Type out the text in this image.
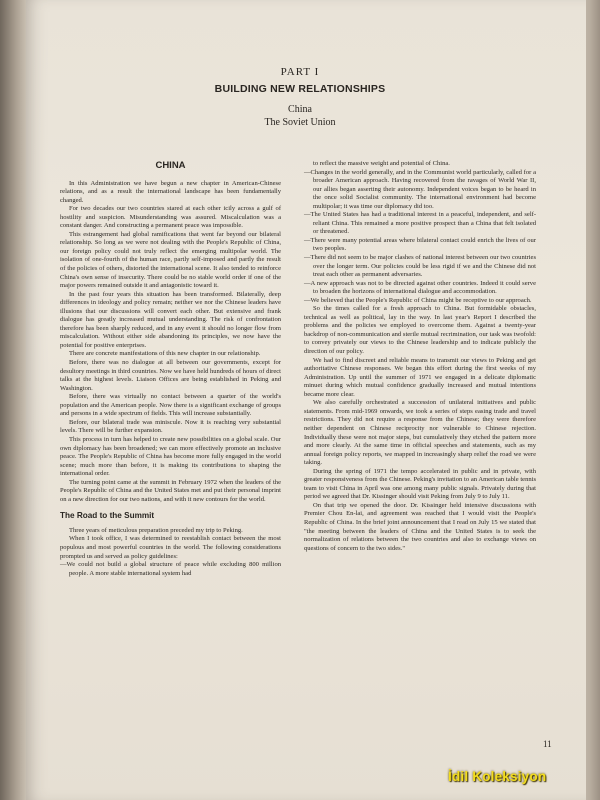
PART I
BUILDING NEW RELATIONSHIPS
China
The Soviet Union
CHINA

In this Administration we have begun a new chapter in American-Chinese relations, and as a result the international landscape has been fundamentally changed.

For two decades our two countries stared at each other icily across a gulf of hostility and suspicion. Misunderstanding was assured. Miscalculation was a constant danger. And constructing a permanent peace was impossible.

This estrangement had global ramifications that went far beyond our bilateral relationship. So long as we were not dealing with the People's Republic of China, our foreign policy could not truly reflect the emerging multipolar world. The isolation of one-fourth of the human race, partly self-imposed and partly the result of the policies of others, distorted the international scene. It also tended to reinforce China's own sense of insecurity. There could be no stable world order if one of the major powers remained outside it and antagonistic toward it.

In the past four years this situation has been transformed. Bilaterally, deep differences in ideology and policy remain; neither we nor the Chinese leaders have illusions that our discussions will convert each other. But extensive and frank dialogue has greatly increased mutual understanding. The risk of confrontation therefore has been sharply reduced, and in any event it should no longer flow from miscalculation. Without either side abandoning its principles, we now have the potential for positive enterprises.

There are concrete manifestations of this new chapter in our relationship.

Before, there was no dialogue at all between our governments, except for desultory meetings in third countries. Now we have held hundreds of hours of direct talks at the highest levels. Liaison Offices are being established in Peking and Washington.

Before, there was virtually no contact between a quarter of the world's population and the American people. Now there is a significant exchange of groups and persons in a wide spectrum of fields. This will increase substantially.

Before, our bilateral trade was miniscule. Now it is reaching very substantial levels. There will be further expansion.

This process in turn has helped to create new possibilities on a global scale. Our own diplomacy has been broadened; we can more effectively promote an inclusive peace. The People's Republic of China has become more fully engaged in the world scene; much more than before, it is making its contributions to shaping the international order.

The turning point came at the summit in February 1972 when the leaders of the People's Republic of China and the United States met and put their personal imprint on a new direction for our two nations, and with it new contours for the world.

The Road to the Summit

Three years of meticulous preparation preceded my trip to Peking.

When I took office, I was determined to reestablish contact between the most populous and most powerful countries in the world. The following considerations prompted us and served as policy guidelines:

—We could not build a global structure of peace while excluding 800 million people. A more stable international system had

to reflect the massive weight and potential of China.

—Changes in the world generally, and in the Communist world particularly, called for a broader American approach. Having recovered from the ravages of World War II, our allies began asserting their autonomy. Independent voices began to be heard in the once solid Socialist community. The international environment had become multipolar; it was time our diplomacy did too.

—The United States has had a traditional interest in a peaceful, independent, and self-reliant China. This remained a more positive prospect than a China that felt isolated or threatened.

—There were many potential areas where bilateral contact could enrich the lives of our two peoples.

—There did not seem to be major clashes of national interest between our two countries over the longer term. Our policies could be less rigid if we and the Chinese did not treat each other as permanent adversaries.

—A new approach was not to be directed against other countries. Indeed it could serve to broaden the horizons of international dialogue and accommodation.

—We believed that the People's Republic of China might be receptive to our approach.

So the times called for a fresh approach to China. But formidable obstacles, technical as well as political, lay in the way. In last year's Report I described the problems and the policies we employed to overcome them. Against a twenty-year backdrop of non-communication and sterile mutual recrimination, our task was twofold: to convey privately our views to the Chinese leadership and to indicate publicly the direction of our policy.

We had to find discreet and reliable means to transmit our views to Peking and get authoritative Chinese responses. We began this effort during the first weeks of my Administration. Up until the summer of 1971 we engaged in a delicate diplomatic minuet during which mutual confidence gradually increased and mutual intentions became more clear.

We also carefully orchestrated a succession of unilateral initiatives and public statements. From mid-1969 onwards, we took a series of steps easing trade and travel restrictions. They did not require a response from the Chinese; they were therefore neither dependent on Chinese reciprocity nor vulnerable to Chinese rejection. Individually these were not major steps, but cumulatively they etched the pattern more and more clearly. At the same time in official speeches and statements, such as my annual foreign policy reports, we mapped in increasingly sharp relief the road we were taking.

During the spring of 1971 the tempo accelerated in public and in private, with greater responsiveness from the Chinese. Peking's invitation to an American table tennis team to visit China in April was one among many public signals. Privately during that period we agreed that Dr. Kissinger should visit Peking from July 9 to July 11.

On that trip we opened the door. Dr. Kissinger held intensive discussions with Premier Chou En-lai, and agreement was reached that I would visit the People's Republic of China. In the brief joint announcement that I read on July 15 we stated that "the meeting between the leaders of China and the United States is to seek the normalization of relations between the two countries and also to exchange views on questions of concern to the two sides."

11
İdil Koleksiyon
